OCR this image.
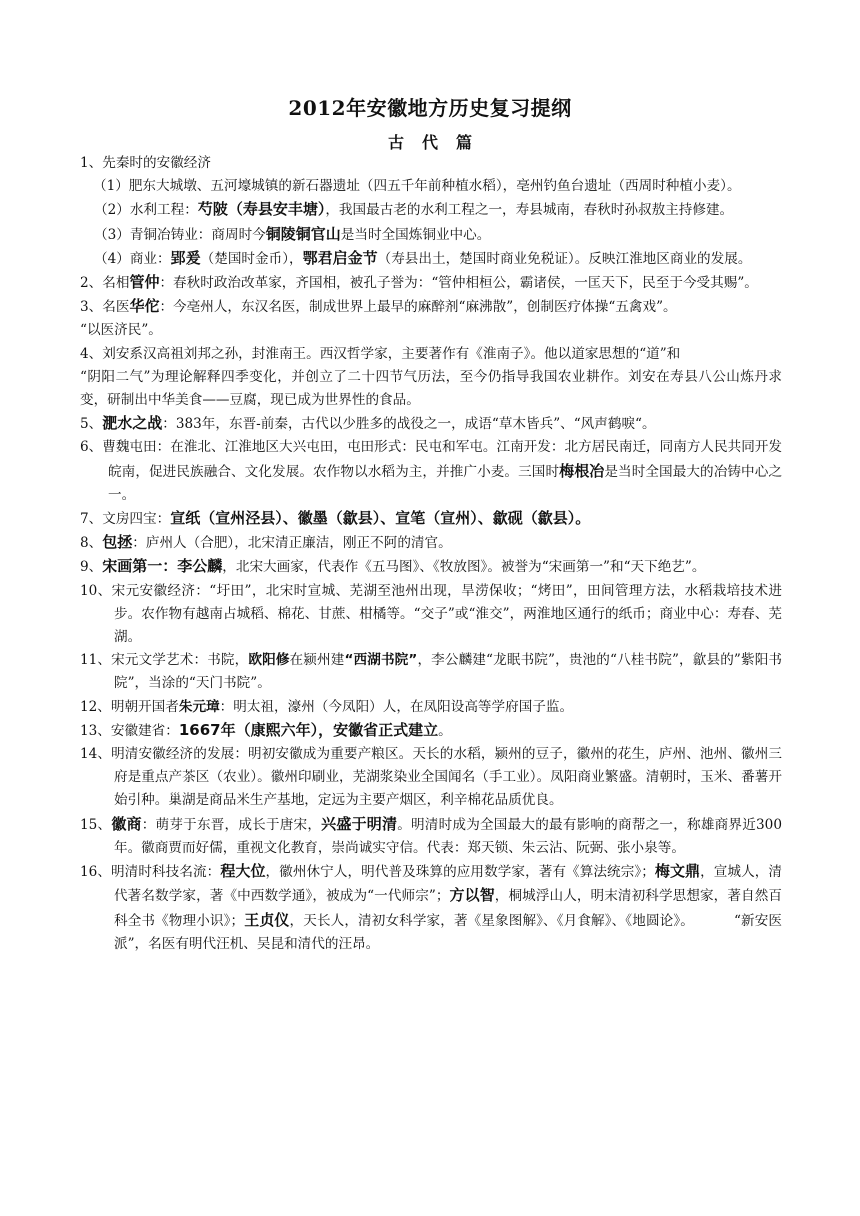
2012年安徽地方历史复习提纲
古代篇

1、先秦时的安徽经济

（1）肥东大城墩、五河壕城镇的新石器遗址（四五千年前种植水稻），亳州钓鱼台遗址（西周时种植小麦）。

（2）水利工程：芍陂（寿县安丰塘），我国最古老的水利工程之一，寿县城南，春秋时孙叔敖主持修建。

（3）青铜冶铸业：商周时今铜陵铜官山是当时全国炼铜业中心。

（4）商业：郢爰（楚国时金币），鄂君启金节（寿县出土，楚国时商业免税证）。反映江淮地区商业的发展。

2、名相管仲：春秋时政治改革家，齐国相，被孔子誉为：“管仲相桓公，霸诸侯，一匡天下，民至于今受其赐”。

3、名医华佗：今亳州人，东汉名医，制成世界上最早的麻醉剂“麻沸散”，创制医疗体操“五禽戏”。

“以医济民”。

4、刘安系汉高祖刘邦之孙，封淮南王。西汉哲学家，主要著作有《淮南子》。他以道家思想的“道”和

“阴阳二气”为理论解释四季变化，并创立了二十四节气历法，至今仍指导我国农业耕作。刘安在寿县八公山炼丹求变，研制出中华美食——豆腐，现已成为世界性的食品。

5、淝水之战：383年，东晋-前秦，古代以少胜多的战役之一，成语“草木皆兵”、“风声鹤唳“。

6、曹魏屯田：在淮北、江淮地区大兴屯田，屯田形式：民屯和军屯。江南开发：北方居民南迁，同南方人民共同开发皖南，促进民族融合、文化发展。农作物以水稻为主，并推广小麦。三国时梅根冶是当时全国最大的冶铸中心之一。

7、文房四宝：宣纸（宣州泾县）、徽墨（歙县）、宣笔（宣州）、歙砚（歙县）。

8、包拯：庐州人（合肥），北宋清正廉洁，刚正不阿的清官。

9、宋画第一：李公麟，北宋大画家，代表作《五马图》、《牧放图》。被誉为“宋画第一”和“天下绝艺”。

10、宋元安徽经济：“圩田”，北宋时宣城、芜湖至池州出现，旱涝保收；“烤田”，田间管理方法，水稻栽培技术进步。农作物有越南占城稻、棉花、甘蔗、柑橘等。“交子”或“淮交”，两淮地区通行的纸币；商业中心：寿春、芜湖。

11、宋元文学艺术：书院，欧阳修在颍州建“西湖书院”，李公麟建“龙眠书院”，贵池的“八桂书院”，歙县的”紫阳书院”，当涂的“天门书院”。

12、明朝开国者朱元璋：明太祖，濠州（今凤阳）人，在凤阳设高等学府国子监。

13、安徽建省：1667年（康熙六年），安徽省正式建立。

14、明清安徽经济的发展：明初安徽成为重要产粮区。天长的水稻，颍州的豆子，徽州的花生，庐州、池州、徽州三府是重点产茶区（农业）。徽州印刷业，芜湖浆染业全国闻名（手工业）。凤阳商业繁盛。清朝时，玉米、番薯开始引种。巢湖是商品米生产基地，定远为主要产烟区，利辛棉花品质优良。

15、徽商：萌芽于东晋，成长于唐宋，兴盛于明清。明清时成为全国最大的最有影响的商帮之一，称雄商界近300年。徽商贾而好儒，重视文化教育，崇尚诚实守信。代表：郑天锁、朱云沾、阮弼、张小泉等。

16、明清时科技名流：程大位，徽州休宁人，明代普及珠算的应用数学家，著有《算法统宗》；梅文鼎，宣城人，清代著名数学家，著《中西数学通》，被成为“一代师宗”；方以智，桐城浮山人，明末清初科学思想家，著自然百科全书《物理小识》；王贞仪，天长人，清初女科学家，著《星象图解》、《月食解》、《地圆论》。	“新安医派”，名医有明代汪机、吴昆和清代的汪昂。
